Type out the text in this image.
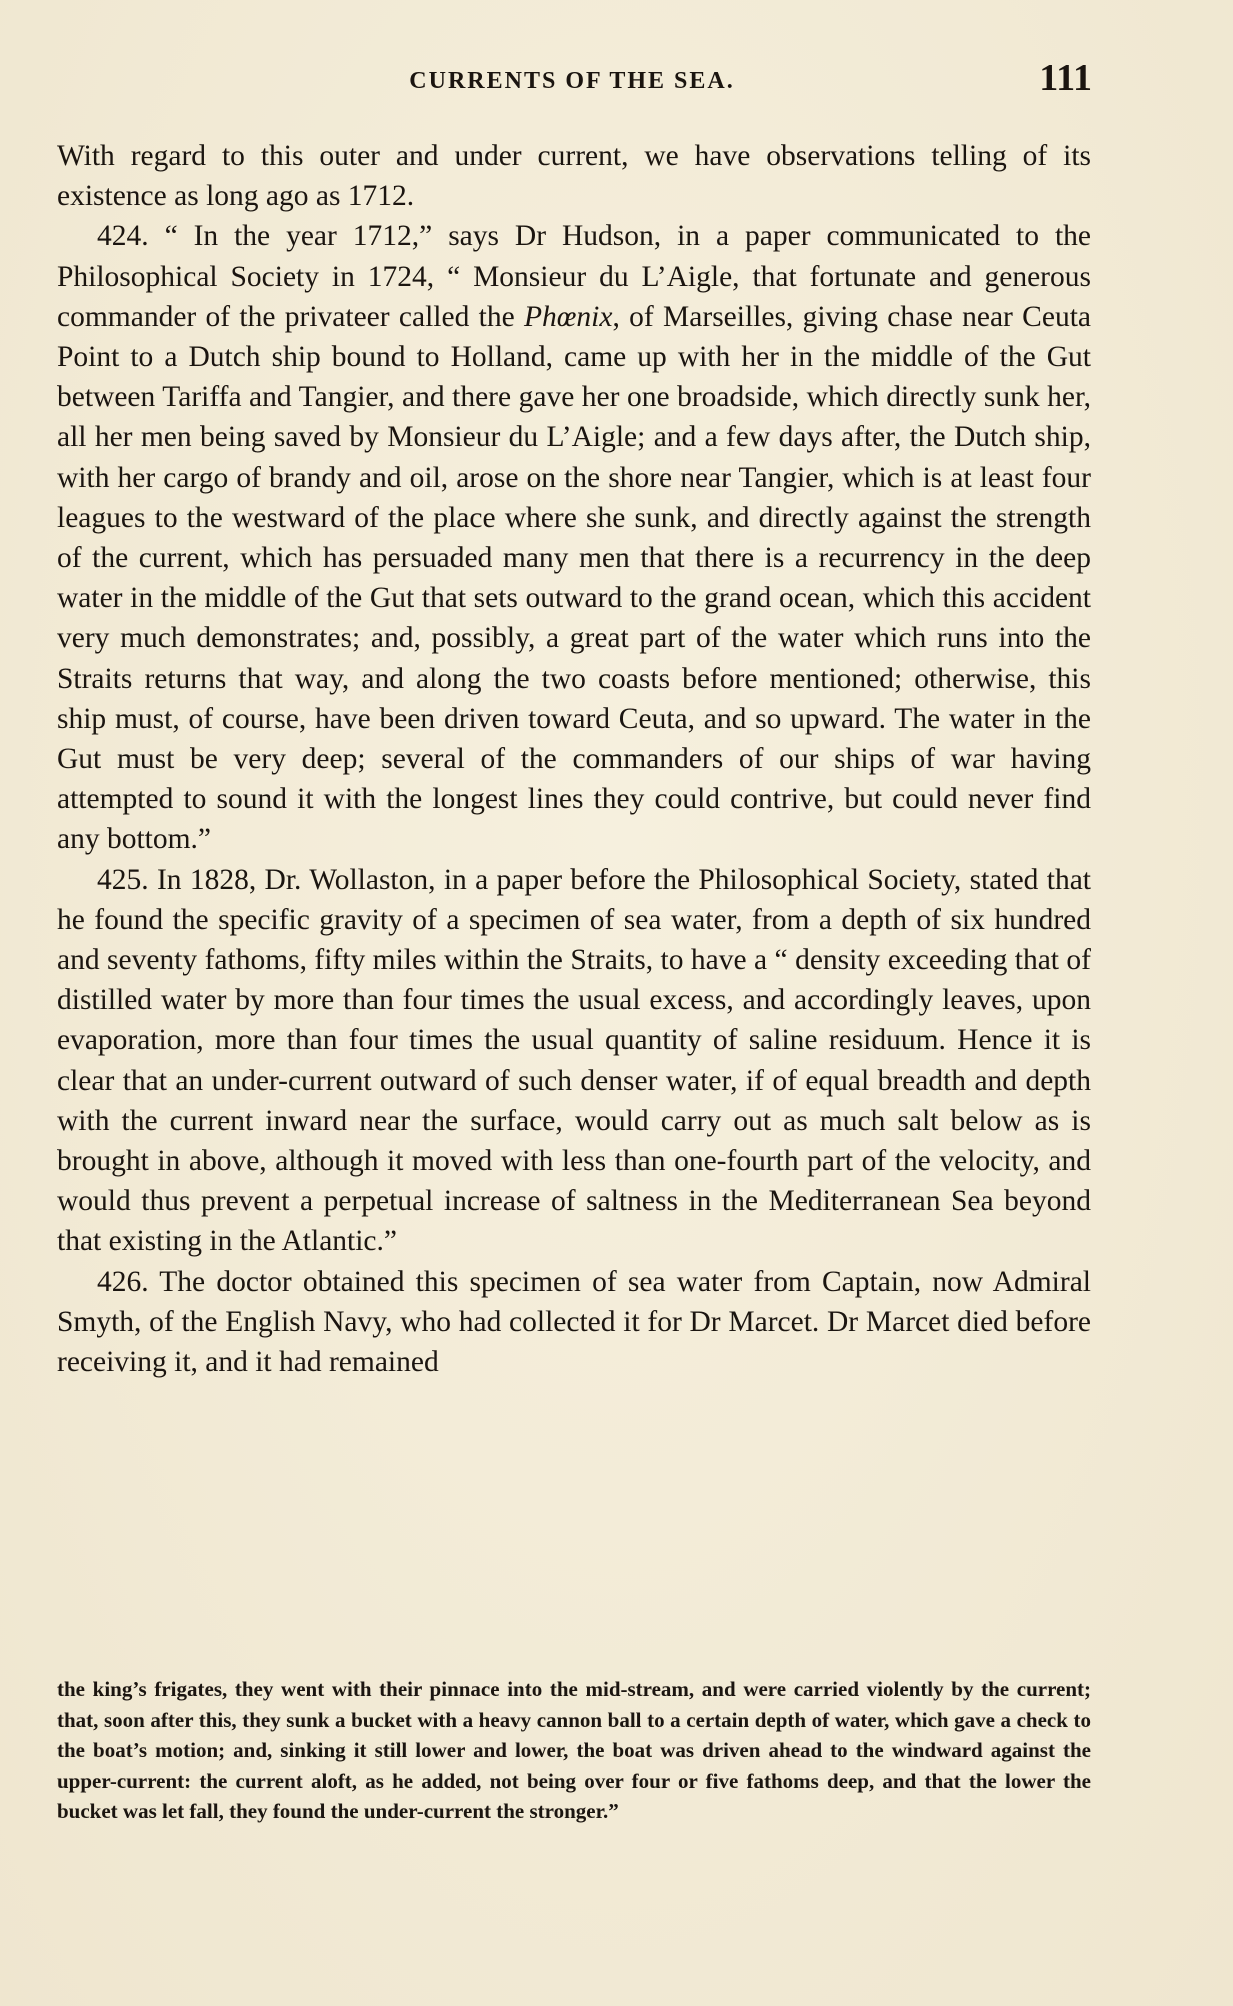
CURRENTS OF THE SEA.	111

With regard to this outer and under current, we have observations telling of its existence as long ago as 1712.

424. “ In the year 1712,” says Dr Hudson, in a paper communicated to the Philosophical Society in 1724, “ Monsieur du L’Aigle, that fortunate and generous commander of the privateer called the Phœnix, of Marseilles, giving chase near Ceuta Point to a Dutch ship bound to Holland, came up with her in the middle of the Gut between Tariffa and Tangier, and there gave her one broadside, which directly sunk her, all her men being saved by Monsieur du L’Aigle; and a few days after, the Dutch ship, with her cargo of brandy and oil, arose on the shore near Tangier, which is at least four leagues to the westward of the place where she sunk, and directly against the strength of the current, which has persuaded many men that there is a recurrency in the deep water in the middle of the Gut that sets outward to the grand ocean, which this accident very much demonstrates; and, possibly, a great part of the water which runs into the Straits returns that way, and along the two coasts before mentioned; otherwise, this ship must, of course, have been driven toward Ceuta, and so upward. The water in the Gut must be very deep; several of the commanders of our ships of war having attempted to sound it with the longest lines they could contrive, but could never find any bottom.”

425. In 1828, Dr. Wollaston, in a paper before the Philosophical Society, stated that he found the specific gravity of a specimen of sea water, from a depth of six hundred and seventy fathoms, fifty miles within the Straits, to have a “ density exceeding that of distilled water by more than four times the usual excess, and accordingly leaves, upon evaporation, more than four times the usual quantity of saline residuum. Hence it is clear that an under-current outward of such denser water, if of equal breadth and depth with the current inward near the surface, would carry out as much salt below as is brought in above, although it moved with less than one-fourth part of the velocity, and would thus prevent a perpetual increase of saltness in the Mediterranean Sea beyond that existing in the Atlantic.”

426. The doctor obtained this specimen of sea water from Captain, now Admiral Smyth, of the English Navy, who had collected it for Dr Marcet. Dr Marcet died before receiving it, and it had remained

the king’s frigates, they went with their pinnace into the mid-stream, and were carried violently by the current; that, soon after this, they sunk a bucket with a heavy cannon ball to a certain depth of water, which gave a check to the boat’s motion; and, sinking it still lower and lower, the boat was driven ahead to the windward against the upper-current: the current aloft, as he added, not being over four or five fathoms deep, and that the lower the bucket was let fall, they found the under-current the stronger.”
